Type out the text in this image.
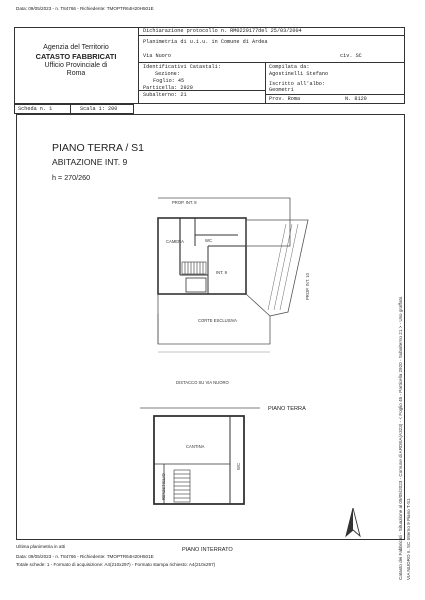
Data: 09/05/2023 - n. T84766 - Richiedente: TMOPTR64H20H501E
Agenzia del Territorio
CATASTO FABBRICATI
Ufficio Provinciale di
Roma
Dichiarazione protocollo n. RM0229177del 25/03/2004
Planimetria di u.i.u. in Comune di Ardea
Via Nuoro	civ. SC
Identificativi Catastali:
Sezione:
Foglio: 45
Particella: 2920
Subalterno: 21
Compilata da:
Agostinelli Stefano
Iscritto all'albo:
Geometri
Prov. Roma	N. 8120
Scheda n. 1	Scala 1: 200
PIANO TERRA / S1
ABITAZIONE INT. 9
h = 270/260
CAMERA	WC
INT. 9
CORTE ESCLUSIVA
PROP. INT. 8
PROP. INT. 10
DISTACCO SU VIA NUORO
PIANO TERRA
CANTINA
RIPOSTIGLIO
WC
PIANO INTERRATO
Ultima planimetria in atti
Data: 09/05/2023 - n. T84766 - Richiedente: TMOPTR64H20H501E
Totale schede: 1 - Formato di acquisizione: A4(210x297) - Formato stampa richiesto: A4(210x297)	Catasto dei Fabbricati - Situazione al 09/05/2023 - Comune di ARDEA(A323) - < Foglio 45 - Particella 2920 - Subalterno 21 > - Uso graffato VIA NUORO n. SC Interno 9 Piano T-S1
